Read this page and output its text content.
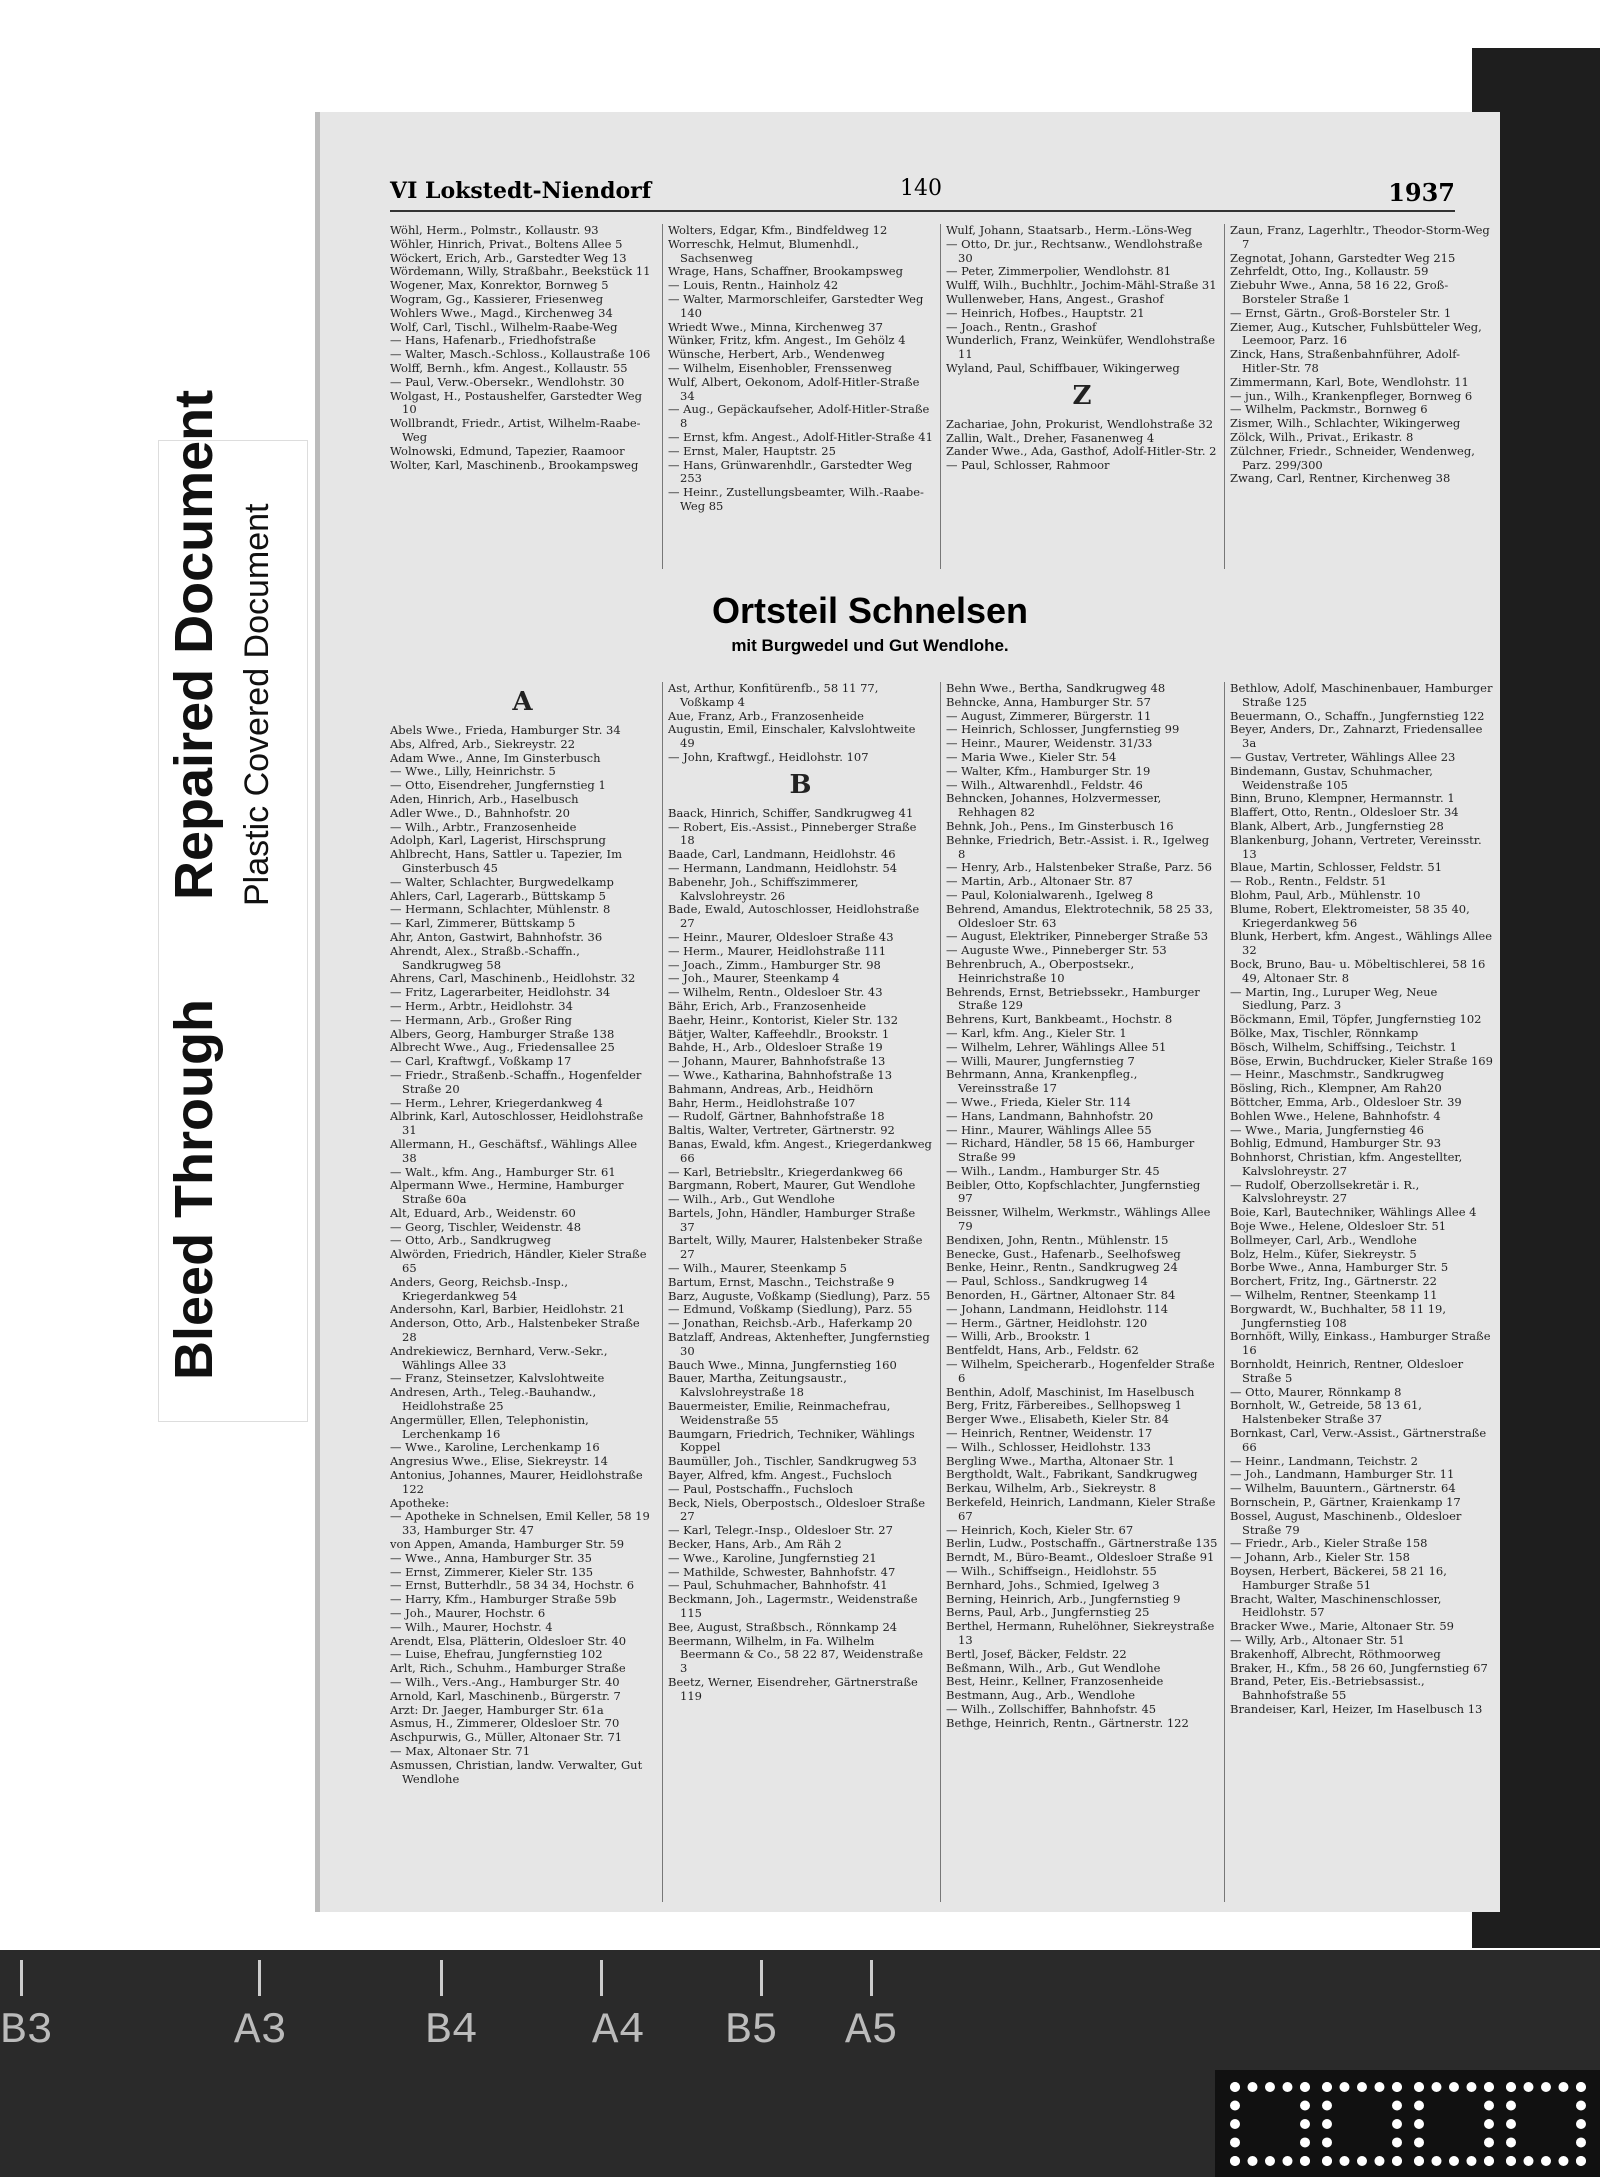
Bleed Through
Repaired Document Plastic Covered Document
VI Lokstedt-Niendorf	140	1937

Wöhl, Herm., Polmstr., Kollaustr. 93

Wöhler, Hinrich, Privat., Boltens Allee 5

Wöckert, Erich, Arb., Garstedter Weg 13

Wördemann, Willy, Straßbahr., Beekstück 11

Wogener, Max, Konrektor, Bornweg 5

Wogram, Gg., Kassierer, Friesenweg

Wohlers Wwe., Magd., Kirchenweg 34

Wolf, Carl, Tischl., Wilhelm-Raabe-Weg

— Hans, Hafenarb., Friedhofstraße

— Walter, Masch.-Schloss., Kollaustraße 106

Wolff, Bernh., kfm. Angest., Kollaustr. 55

— Paul, Verw.-Obersekr., Wendlohstr. 30

Wolgast, H., Postaushelfer, Garstedter Weg 10

Wollbrandt, Friedr., Artist, Wilhelm-Raabe-Weg

Wolnowski, Edmund, Tapezier, Raamoor

Wolter, Karl, Maschinenb., Brookampsweg

Wolters, Edgar, Kfm., Bindfeldweg 12

Worreschk, Helmut, Blumenhdl., Sachsenweg

Wrage, Hans, Schaffner, Brookampsweg

— Louis, Rentn., Hainholz 42

— Walter, Marmorschleifer, Garstedter Weg 140

Wriedt Wwe., Minna, Kirchenweg 37

Wünker, Fritz, kfm. Angest., Im Gehölz 4

Wünsche, Herbert, Arb., Wendenweg

— Wilhelm, Eisenhobler, Frenssenweg

Wulf, Albert, Oekonom, Adolf-Hitler-Straße 34

— Aug., Gepäckaufseher, Adolf-Hitler-Straße 8

— Ernst, kfm. Angest., Adolf-Hitler-Straße 41

— Ernst, Maler, Hauptstr. 25

— Hans, Grünwarenhdlr., Garstedter Weg 253

— Heinr., Zustellungsbeamter, Wilh.-Raabe-Weg 85

Wulf, Johann, Staatsarb., Herm.-Löns-Weg

— Otto, Dr. jur., Rechtsanw., Wendlohstraße 30

— Peter, Zimmerpolier, Wendlohstr. 81

Wulff, Wilh., Buchhltr., Jochim-Mähl-Straße 31

Wullenweber, Hans, Angest., Grashof

— Heinrich, Hofbes., Hauptstr. 21

— Joach., Rentn., Grashof

Wunderlich, Franz, Weinküfer, Wendlohstraße 11

Wyland, Paul, Schiffbauer, Wikingerweg

Z

Zachariae, John, Prokurist, Wendlohstraße 32

Zallin, Walt., Dreher, Fasanenweg 4

Zander Wwe., Ada, Gasthof, Adolf-Hitler-Str. 2

— Paul, Schlosser, Rahmoor

Zaun, Franz, Lagerhltr., Theodor-Storm-Weg 7

Zegnotat, Johann, Garstedter Weg 215

Zehrfeldt, Otto, Ing., Kollaustr. 59

Ziebuhr Wwe., Anna, 58 16 22, Groß-Borsteler Straße 1

— Ernst, Gärtn., Groß-Borsteler Str. 1

Ziemer, Aug., Kutscher, Fuhlsbütteler Weg, Leemoor, Parz. 16

Zinck, Hans, Straßenbahnführer, Adolf-Hitler-Str. 78

Zimmermann, Karl, Bote, Wendlohstr. 11

— jun., Wilh., Krankenpfleger, Bornweg 6

— Wilhelm, Packmstr., Bornweg 6

Zismer, Wilh., Schlachter, Wikingerweg

Zölck, Wilh., Privat., Erikastr. 8

Zülchner, Friedr., Schneider, Wendenweg, Parz. 299/300

Zwang, Carl, Rentner, Kirchenweg 38

Ortsteil Schnelsen
mit Burgwedel und Gut Wendlohe.
A

Abels Wwe., Frieda, Hamburger Str. 34

Abs, Alfred, Arb., Siekreystr. 22

Adam Wwe., Anne, Im Ginsterbusch

— Wwe., Lilly, Heinrichstr. 5

— Otto, Eisendreher, Jungfernstieg 1

Aden, Hinrich, Arb., Haselbusch

Adler Wwe., D., Bahnhofstr. 20

— Wilh., Arbtr., Franzosenheide

Adolph, Karl, Lagerist, Hirschsprung

Ahlbrecht, Hans, Sattler u. Tapezier, Im Ginsterbusch 45

— Walter, Schlachter, Burgwedelkamp

Ahlers, Carl, Lagerarb., Büttskamp 5

— Hermann, Schlachter, Mühlenstr. 8

— Karl, Zimmerer, Büttskamp 5

Ahr, Anton, Gastwirt, Bahnhofstr. 36

Ahrendt, Alex., Straßb.-Schaffn., Sandkrugweg 58

Ahrens, Carl, Maschinenb., Heidlohstr. 32

— Fritz, Lagerarbeiter, Heidlohstr. 34

— Herm., Arbtr., Heidlohstr. 34

— Hermann, Arb., Großer Ring

Albers, Georg, Hamburger Straße 138

Albrecht Wwe., Aug., Friedensallee 25

— Carl, Kraftwgf., Voßkamp 17

— Friedr., Straßenb.-Schaffn., Hogenfelder Straße 20

— Herm., Lehrer, Kriegerdankweg 4

Albrink, Karl, Autoschlosser, Heidlohstraße 31

Allermann, H., Geschäftsf., Wählings Allee 38

— Walt., kfm. Ang., Hamburger Str. 61

Alpermann Wwe., Hermine, Hamburger Straße 60a

Alt, Eduard, Arb., Weidenstr. 60

— Georg, Tischler, Weidenstr. 48

— Otto, Arb., Sandkrugweg

Alwörden, Friedrich, Händler, Kieler Straße 65

Anders, Georg, Reichsb.-Insp., Kriegerdankweg 54

Andersohn, Karl, Barbier, Heidlohstr. 21

Anderson, Otto, Arb., Halstenbeker Straße 28

Andrekiewicz, Bernhard, Verw.-Sekr., Wählings Allee 33

— Franz, Steinsetzer, Kalvslohtweite

Andresen, Arth., Teleg.-Bauhandw., Heidlohstraße 25

Angermüller, Ellen, Telephonistin, Lerchenkamp 16

— Wwe., Karoline, Lerchenkamp 16

Angresius Wwe., Elise, Siekreystr. 14

Antonius, Johannes, Maurer, Heidlohstraße 122

Apotheke:

— Apotheke in Schnelsen, Emil Keller, 58 19 33, Hamburger Str. 47

von Appen, Amanda, Hamburger Str. 59

— Wwe., Anna, Hamburger Str. 35

— Ernst, Zimmerer, Kieler Str. 135

— Ernst, Butterhdlr., 58 34 34, Hochstr. 6

— Harry, Kfm., Hamburger Straße 59b

— Joh., Maurer, Hochstr. 6

— Wilh., Maurer, Hochstr. 4

Arendt, Elsa, Plätterin, Oldesloer Str. 40

— Luise, Ehefrau, Jungfernstieg 102

Arlt, Rich., Schuhm., Hamburger Straße

— Wilh., Vers.-Ang., Hamburger Str. 40

Arnold, Karl, Maschinenb., Bürgerstr. 7

Arzt: Dr. Jaeger, Hamburger Str. 61a

Asmus, H., Zimmerer, Oldesloer Str. 70

Aschpurwis, G., Müller, Altonaer Str. 71

— Max, Altonaer Str. 71

Asmussen, Christian, landw. Verwalter, Gut Wendlohe

Ast, Arthur, Konfitürenfb., 58 11 77, Voßkamp 4

Aue, Franz, Arb., Franzosenheide

Augustin, Emil, Einschaler, Kalvslohtweite 49

— John, Kraftwgf., Heidlohstr. 107

B

Baack, Hinrich, Schiffer, Sandkrugweg 41

— Robert, Eis.-Assist., Pinneberger Straße 18

Baade, Carl, Landmann, Heidlohstr. 46

— Hermann, Landmann, Heidlohstr. 54

Babenehr, Joh., Schiffszimmerer, Kalvslohreystr. 26

Bade, Ewald, Autoschlosser, Heidlohstraße 27

— Heinr., Maurer, Oldesloer Straße 43

— Herm., Maurer, Heidlohstraße 111

— Joach., Zimm., Hamburger Str. 98

— Joh., Maurer, Steenkamp 4

— Wilhelm, Rentn., Oldesloer Str. 43

Bähr, Erich, Arb., Franzosenheide

Baehr, Heinr., Kontorist, Kieler Str. 132

Bätjer, Walter, Kaffeehdlr., Brookstr. 1

Bahde, H., Arb., Oldesloer Straße 19

— Johann, Maurer, Bahnhofstraße 13

— Wwe., Katharina, Bahnhofstraße 13

Bahmann, Andreas, Arb., Heidhörn

Bahr, Herm., Heidlohstraße 107

— Rudolf, Gärtner, Bahnhofstraße 18

Baltis, Walter, Vertreter, Gärtnerstr. 92

Banas, Ewald, kfm. Angest., Kriegerdankweg 66

— Karl, Betriebsltr., Kriegerdankweg 66

Bargmann, Robert, Maurer, Gut Wendlohe

— Wilh., Arb., Gut Wendlohe

Bartels, John, Händler, Hamburger Straße 37

Bartelt, Willy, Maurer, Halstenbeker Straße 27

— Wilh., Maurer, Steenkamp 5

Bartum, Ernst, Maschn., Teichstraße 9

Barz, Auguste, Voßkamp (Siedlung), Parz. 55

— Edmund, Voßkamp (Siedlung), Parz. 55

— Jonathan, Reichsb.-Arb., Haferkamp 20

Batzlaff, Andreas, Aktenhefter, Jungfernstieg 30

Bauch Wwe., Minna, Jungfernstieg 160

Bauer, Martha, Zeitungsaustr., Kalvslohreystraße 18

Bauermeister, Emilie, Reinmachefrau, Weidenstraße 55

Baumgarn, Friedrich, Techniker, Wählings Koppel

Baumüller, Joh., Tischler, Sandkrugweg 53

Bayer, Alfred, kfm. Angest., Fuchsloch

— Paul, Postschaffn., Fuchsloch

Beck, Niels, Oberpostsch., Oldesloer Straße 27

— Karl, Telegr.-Insp., Oldesloer Str. 27

Becker, Hans, Arb., Am Räh 2

— Wwe., Karoline, Jungfernstieg 21

— Mathilde, Schwester, Bahnhofstr. 47

— Paul, Schuhmacher, Bahnhofstr. 41

Beckmann, Joh., Lagermstr., Weidenstraße 115

Bee, August, Straßbsch., Rönnkamp 24

Beermann, Wilhelm, in Fa. Wilhelm Beermann & Co., 58 22 87, Weidenstraße 3

Beetz, Werner, Eisendreher, Gärtnerstraße 119

Behn Wwe., Bertha, Sandkrugweg 48

Behncke, Anna, Hamburger Str. 57

— August, Zimmerer, Bürgerstr. 11

— Heinrich, Schlosser, Jungfernstieg 99

— Heinr., Maurer, Weidenstr. 31/33

— Maria Wwe., Kieler Str. 54

— Walter, Kfm., Hamburger Str. 19

— Wilh., Altwarenhdl., Feldstr. 46

Behncken, Johannes, Holzvermesser, Rehhagen 82

Behnk, Joh., Pens., Im Ginsterbusch 16

Behnke, Friedrich, Betr.-Assist. i. R., Igelweg 8

— Henry, Arb., Halstenbeker Straße, Parz. 56

— Martin, Arb., Altonaer Str. 87

— Paul, Kolonialwarenh., Igelweg 8

Behrend, Amandus, Elektrotechnik, 58 25 33, Oldesloer Str. 63

— August, Elektriker, Pinneberger Straße 53

— Auguste Wwe., Pinneberger Str. 53

Behrenbruch, A., Oberpostsekr., Heinrichstraße 10

Behrends, Ernst, Betriebssekr., Hamburger Straße 129

Behrens, Kurt, Bankbeamt., Hochstr. 8

— Karl, kfm. Ang., Kieler Str. 1

— Wilhelm, Lehrer, Wählings Allee 51

— Willi, Maurer, Jungfernstieg 7

Behrmann, Anna, Krankenpfleg., Vereinsstraße 17

— Wwe., Frieda, Kieler Str. 114

— Hans, Landmann, Bahnhofstr. 20

— Hinr., Maurer, Wählings Allee 55

— Richard, Händler, 58 15 66, Hamburger Straße 99

— Wilh., Landm., Hamburger Str. 45

Beibler, Otto, Kopfschlachter, Jungfernstieg 97

Beissner, Wilhelm, Werkmstr., Wählings Allee 79

Bendixen, John, Rentn., Mühlenstr. 15

Benecke, Gust., Hafenarb., Seelhofsweg

Benke, Heinr., Rentn., Sandkrugweg 24

— Paul, Schloss., Sandkrugweg 14

Benorden, H., Gärtner, Altonaer Str. 84

— Johann, Landmann, Heidlohstr. 114

— Herm., Gärtner, Heidlohstr. 120

— Willi, Arb., Brookstr. 1

Bentfeldt, Hans, Arb., Feldstr. 62

— Wilhelm, Speicherarb., Hogenfelder Straße 6

Benthin, Adolf, Maschinist, Im Haselbusch

Berg, Fritz, Färbereibes., Sellhopsweg 1

Berger Wwe., Elisabeth, Kieler Str. 84

— Heinrich, Rentner, Weidenstr. 17

— Wilh., Schlosser, Heidlohstr. 133

Bergling Wwe., Martha, Altonaer Str. 1

Bergtholdt, Walt., Fabrikant, Sandkrugweg

Berkau, Wilhelm, Arb., Siekreystr. 8

Berkefeld, Heinrich, Landmann, Kieler Straße 67

— Heinrich, Koch, Kieler Str. 67

Berlin, Ludw., Postschaffn., Gärtnerstraße 135

Berndt, M., Büro-Beamt., Oldesloer Straße 91

— Wilh., Schiffseign., Heidlohstr. 55

Bernhard, Johs., Schmied, Igelweg 3

Berning, Heinrich, Arb., Jungfernstieg 9

Berns, Paul, Arb., Jungfernstieg 25

Berthel, Hermann, Ruhelöhner, Siekreystraße 13

Bertl, Josef, Bäcker, Feldstr. 22

Beßmann, Wilh., Arb., Gut Wendlohe

Best, Heinr., Kellner, Franzosenheide

Bestmann, Aug., Arb., Wendlohe

— Wilh., Zollschiffer, Bahnhofstr. 45

Bethge, Heinrich, Rentn., Gärtnerstr. 122

Bethlow, Adolf, Maschinenbauer, Hamburger Straße 125

Beuermann, O., Schaffn., Jungfernstieg 122

Beyer, Anders, Dr., Zahnarzt, Friedensallee 3a

— Gustav, Vertreter, Wählings Allee 23

Bindemann, Gustav, Schuhmacher, Weidenstraße 105

Binn, Bruno, Klempner, Hermannstr. 1

Blaffert, Otto, Rentn., Oldesloer Str. 34

Blank, Albert, Arb., Jungfernstieg 28

Blankenburg, Johann, Vertreter, Vereinsstr. 13

Blaue, Martin, Schlosser, Feldstr. 51

— Rob., Rentn., Feldstr. 51

Blohm, Paul, Arb., Mühlenstr. 10

Blume, Robert, Elektromeister, 58 35 40, Kriegerdankweg 56

Blunk, Herbert, kfm. Angest., Wählings Allee 32

Bock, Bruno, Bau- u. Möbeltischlerei, 58 16 49, Altonaer Str. 8

— Martin, Ing., Luruper Weg, Neue Siedlung, Parz. 3

Böckmann, Emil, Töpfer, Jungfernstieg 102

Bölke, Max, Tischler, Rönnkamp

Bösch, Wilhelm, Schiffsing., Teichstr. 1

Böse, Erwin, Buchdrucker, Kieler Straße 169

— Heinr., Maschmstr., Sandkrugweg

Bösling, Rich., Klempner, Am Rah20

Böttcher, Emma, Arb., Oldesloer Str. 39

Bohlen Wwe., Helene, Bahnhofstr. 4

— Wwe., Maria, Jungfernstieg 46

Bohlig, Edmund, Hamburger Str. 93

Bohnhorst, Christian, kfm. Angestellter, Kalvslohreystr. 27

— Rudolf, Oberzollsekretär i. R., Kalvslohreystr. 27

Boie, Karl, Bautechniker, Wählings Allee 4

Boje Wwe., Helene, Oldesloer Str. 51

Bollmeyer, Carl, Arb., Wendlohe

Bolz, Helm., Küfer, Siekreystr. 5

Borbe Wwe., Anna, Hamburger Str. 5

Borchert, Fritz, Ing., Gärtnerstr. 22

— Wilhelm, Rentner, Steenkamp 11

Borgwardt, W., Buchhalter, 58 11 19, Jungfernstieg 108

Bornhöft, Willy, Einkass., Hamburger Straße 16

Bornholdt, Heinrich, Rentner, Oldesloer Straße 5

— Otto, Maurer, Rönnkamp 8

Bornholt, W., Getreide, 58 13 61, Halstenbeker Straße 37

Bornkast, Carl, Verw.-Assist., Gärtnerstraße 66

— Heinr., Landmann, Teichstr. 2

— Joh., Landmann, Hamburger Str. 11

— Wilhelm, Bauuntern., Gärtnerstr. 64

Bornschein, P., Gärtner, Kraienkamp 17

Bossel, August, Maschinenb., Oldesloer Straße 79

— Friedr., Arb., Kieler Straße 158

— Johann, Arb., Kieler Str. 158

Boysen, Herbert, Bäckerei, 58 21 16, Hamburger Straße 51

Bracht, Walter, Maschinenschlosser, Heidlohstr. 57

Bracker Wwe., Marie, Altonaer Str. 59

— Willy, Arb., Altonaer Str. 51

Brakenhoff, Albrecht, Röthmoorweg

Braker, H., Kfm., 58 26 60, Jungfernstieg 67

Brand, Peter, Eis.-Betriebsassist., Bahnhofstraße 55

Brandeiser, Karl, Heizer, Im Haselbusch 13

B3	A3	B4	A4 B5 A5
